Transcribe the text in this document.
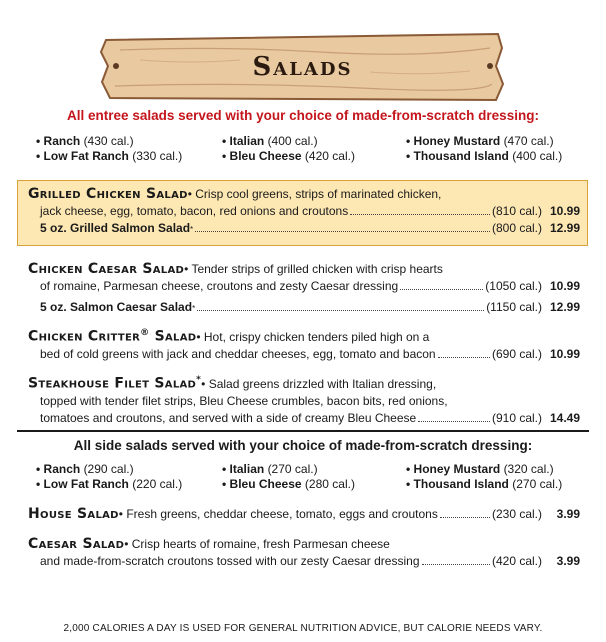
Salads
All entree salads served with your choice of made-from-scratch dressing:
• Ranch (430 cal.)
• Low Fat Ranch (330 cal.)
• Italian (400 cal.)
• Bleu Cheese (420 cal.)
• Honey Mustard (470 cal.)
• Thousand Island (400 cal.)
Grilled Chicken Salad • Crisp cool greens, strips of marinated chicken,
jack cheese, egg, tomato, bacon, red onions and croutons	(810 cal.) 10.99
5 oz. Grilled Salmon Salad *	(800 cal.) 12.99
Chicken Caesar Salad • Tender strips of grilled chicken with crisp hearts
of romaine, Parmesan cheese, croutons and zesty Caesar dressing	(1050 cal.) 10.99
5 oz. Salmon Caesar Salad *	(1150 cal.) 12.99
Chicken Critter® Salad • Hot, crispy chicken tenders piled high on a
bed of cold greens with jack and cheddar cheeses, egg, tomato and bacon	(690 cal.) 10.99
Steakhouse Filet Salad* • Salad greens drizzled with Italian dressing,
topped with tender filet strips, Bleu Cheese crumbles, bacon bits, red onions,
tomatoes and croutons, and served with a side of creamy Bleu Cheese	(910 cal.) 14.49
All side salads served with your choice of made-from-scratch dressing:
• Ranch (290 cal.)
• Low Fat Ranch (220 cal.)
• Italian (270 cal.)
• Bleu Cheese (280 cal.)
• Honey Mustard (320 cal.)
• Thousand Island (270 cal.)
House Salad • Fresh greens, cheddar cheese, tomato, eggs and croutons	(230 cal.)	3.99
Caesar Salad • Crisp hearts of romaine, fresh Parmesan cheese
and made-from-scratch croutons tossed with our zesty Caesar dressing	(420 cal.)	3.99
2,000 CALORIES A DAY IS USED FOR GENERAL NUTRITION ADVICE, BUT CALORIE NEEDS VARY.
